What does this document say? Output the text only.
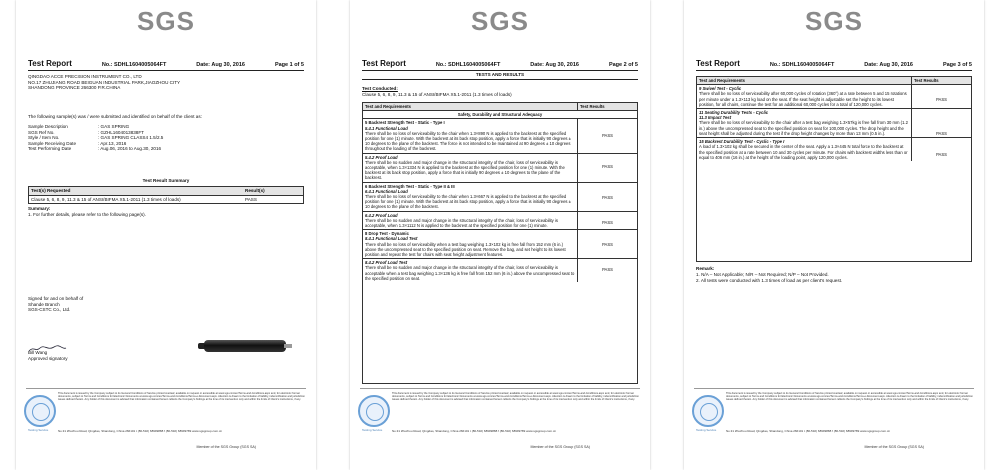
SGS
Test Report	No.: SDHL1604005064FT	Date: Aug 30, 2016	Page 1 of 5
QINGDAO ACCE PRECISION INSTRUMENT CO., LTD
NO.17 ZHUJIANG ROAD BEIGUAN INDUSTRIAL PARK,JIAOZHOU CITY
SHANDONG PROVINCE 266300 P.R.CHINA
The following sample(s) was / were submitted and identified on behalf of the client as:
Sample Description	: GAS SPRING
SGS Ref No.	: GZHL1604013838FT
Style / Item No.	: GAS SPRING CLASS4 1.5/2.5
Sample Receiving Date	: Apr.13, 2016
Test Performing Date	: Aug.06, 2016 to Aug.30, 2016
Test Result Summary
Test(s) Requested	Result(s)
Clause 5, 6, 8, 9, 11.3 & 15 of ANSI/BIFMA X5.1-2011 (1.3 times of loads)	PASS
Summary:
1. For further details, please refer to the following page(s).
Signed for and on behalf of
Shande Branch
SGS-CSTC Co., Ltd.
Bill Wang
Approved signatory
Testing Service
This document is issued by the Company subject to its General Conditions of Service printed overleaf, available on request or accessible at www.sgs.com/en/Terms-and-Conditions.aspx and, for electronic format documents, subject to Terms and Conditions for Electronic Documents at www.sgs.com/en/Terms-and-Conditions/Terms-e-Document.aspx. Attention is drawn to the limitation of liability, indemnification and jurisdiction issues defined therein. Any holder of this document is advised that information contained hereon reflects the Company's findings at the time of its intervention only and within the limits of Client's instructions, if any.
No.31 Zhuzhou Road, Qingdao, Shandong, China 266101 t (86-532) 68999888 f (86-532) 68999789 www.sgsgroup.com.cn
Member of the SGS Group (SGS SA)
SGS
Test Report	No.: SDHL1604005064FT	Date: Aug 30, 2016	Page 2 of 5
TESTS AND RESULTS
Test Conducted:
Clause 5, 6, 8, 9, 11.3 & 15 of ANSI/BIFMA X5.1-2011 (1.3 times of loads)
Test and Requirements	Test Results
Safety, Durability and Structural Adequacy
5 Backrest Strength Test - Static - Type I
5.4.1 Functional Load
There shall be no loss of serviceability to the chair when 1.3×890 N is applied to the backrest at the specified position for one (1) minute. With the backrest at its back stop position, apply a force that is initially 90 degrees ± 10 degrees to the plane of the backrest. The force is not intended to be maintained at 90 degrees ± 10 degrees throughout the loading of the backrest.
PASS
5.4.2 Proof Load
There shall be no sudden and major change in the structural integrity of the chair, loss of serviceability is acceptable, when 1.3×1334 N is applied to the backrest at the specified position for one (1) minute. With the backrest at its back stop position, apply a force that is initially 90 degrees ± 10 degrees to the plane of the backrest.
PASS
6 Backrest Strength Test - Static - Type II & III
6.4.1 Functional Load
There shall be no loss of serviceability to the chair when 1.3×667 N is applied to the backrest at the specified position for one (1) minute. With the backrest at its back stop position, apply a force that is initially 90 degrees ± 10 degrees to the plane of the backrest.
PASS
6.4.2 Proof Load
There shall be no sudden and major change in the structural integrity of the chair, loss of serviceability is acceptable, when 1.3×1112 N is applied to the backrest at the specified position for one (1) minute.
PASS
8 Drop Test - Dynamic
8.4.1 Functional Load Test
There shall be no loss of serviceability when a test bag weighing 1.3×102 kg is free fall from 152 mm (6 in.) above the uncompressed seat to the specified position on seat. Remove the bag, and set height to its lowest position and repeat the test for chairs with seat height adjustment features.
PASS
8.4.2 Proof Load Test
There shall be no sudden and major change in the structural integrity of the chair, loss of serviceability is acceptable when a test bag weighing 1.3×136 kg is free fall from 152 mm (6 in.) above the uncompressed seat to the specified position on seat.
PASS
Testing Service
This document is issued by the Company subject to its General Conditions of Service printed overleaf, available on request or accessible at www.sgs.com/en/Terms-and-Conditions.aspx and, for electronic format documents, subject to Terms and Conditions for Electronic Documents at www.sgs.com/en/Terms-and-Conditions/Terms-e-Document.aspx. Attention is drawn to the limitation of liability, indemnification and jurisdiction issues defined therein. Any holder of this document is advised that information contained hereon reflects the Company's findings at the time of its intervention only and within the limits of Client's instructions, if any.
No.31 Zhuzhou Road, Qingdao, Shandong, China 266101 t (86-532) 68999888 f (86-532) 68999789 www.sgsgroup.com.cn
Member of the SGS Group (SGS SA)
SGS
Test Report	No.: SDHL1604005064FT	Date: Aug 30, 2016	Page 3 of 5
Test and Requirements	Test Results
9 Swivel Test - Cyclic
There shall be no loss of serviceability after 60,000 cycles of rotation (360°) at a rate between 5 and 15 rotations per minute under a 1.3×113 kg load on the seat. If the seat height is adjustable set the height to its lowest position, for all chairs, continue the test for an additional 60,000 cycles for a total of 120,000 cycles.
PASS
11 Seating Durability Tests - Cyclic
11.3 Impact Test
There shall be no loss of serviceability to the chair after a test bag weighing 1.3×57kg is free fall from 30 mm (1.2 in.) above the uncompressed seat to the specified position on seat for 100,000 cycles. The drop height and the seat height shall be adjusted during the test if the drop height changes by more than 13 mm (0.5 in.).	PASS
15 Backrest Durability Test - Cyclic - Type I
A load of 1.3×102 kg shall be secured in the center of the seat. Apply a 1.3×445 N total force to the backrest at the specified position at a rate between 10 and 30 cycles per minute. For chairs with backrest widths less than or equal to 406 mm (16 in.) at the height of the loading point, apply 120,000 cycles.
PASS
Remark:
1. N/A – Not Applicable; N/R – Not Required; N/P – Not Provided.
2. All tests were conducted with 1.3 times of load as per client's request.
Testing Service
This document is issued by the Company subject to its General Conditions of Service printed overleaf, available on request or accessible at www.sgs.com/en/Terms-and-Conditions.aspx and, for electronic format documents, subject to Terms and Conditions for Electronic Documents at www.sgs.com/en/Terms-and-Conditions/Terms-e-Document.aspx. Attention is drawn to the limitation of liability, indemnification and jurisdiction issues defined therein. Any holder of this document is advised that information contained hereon reflects the Company's findings at the time of its intervention only and within the limits of Client's instructions, if any.
No.31 Zhuzhou Road, Qingdao, Shandong, China 266101 t (86-532) 68999888 f (86-532) 68999789 www.sgsgroup.com.cn
Member of the SGS Group (SGS SA)
